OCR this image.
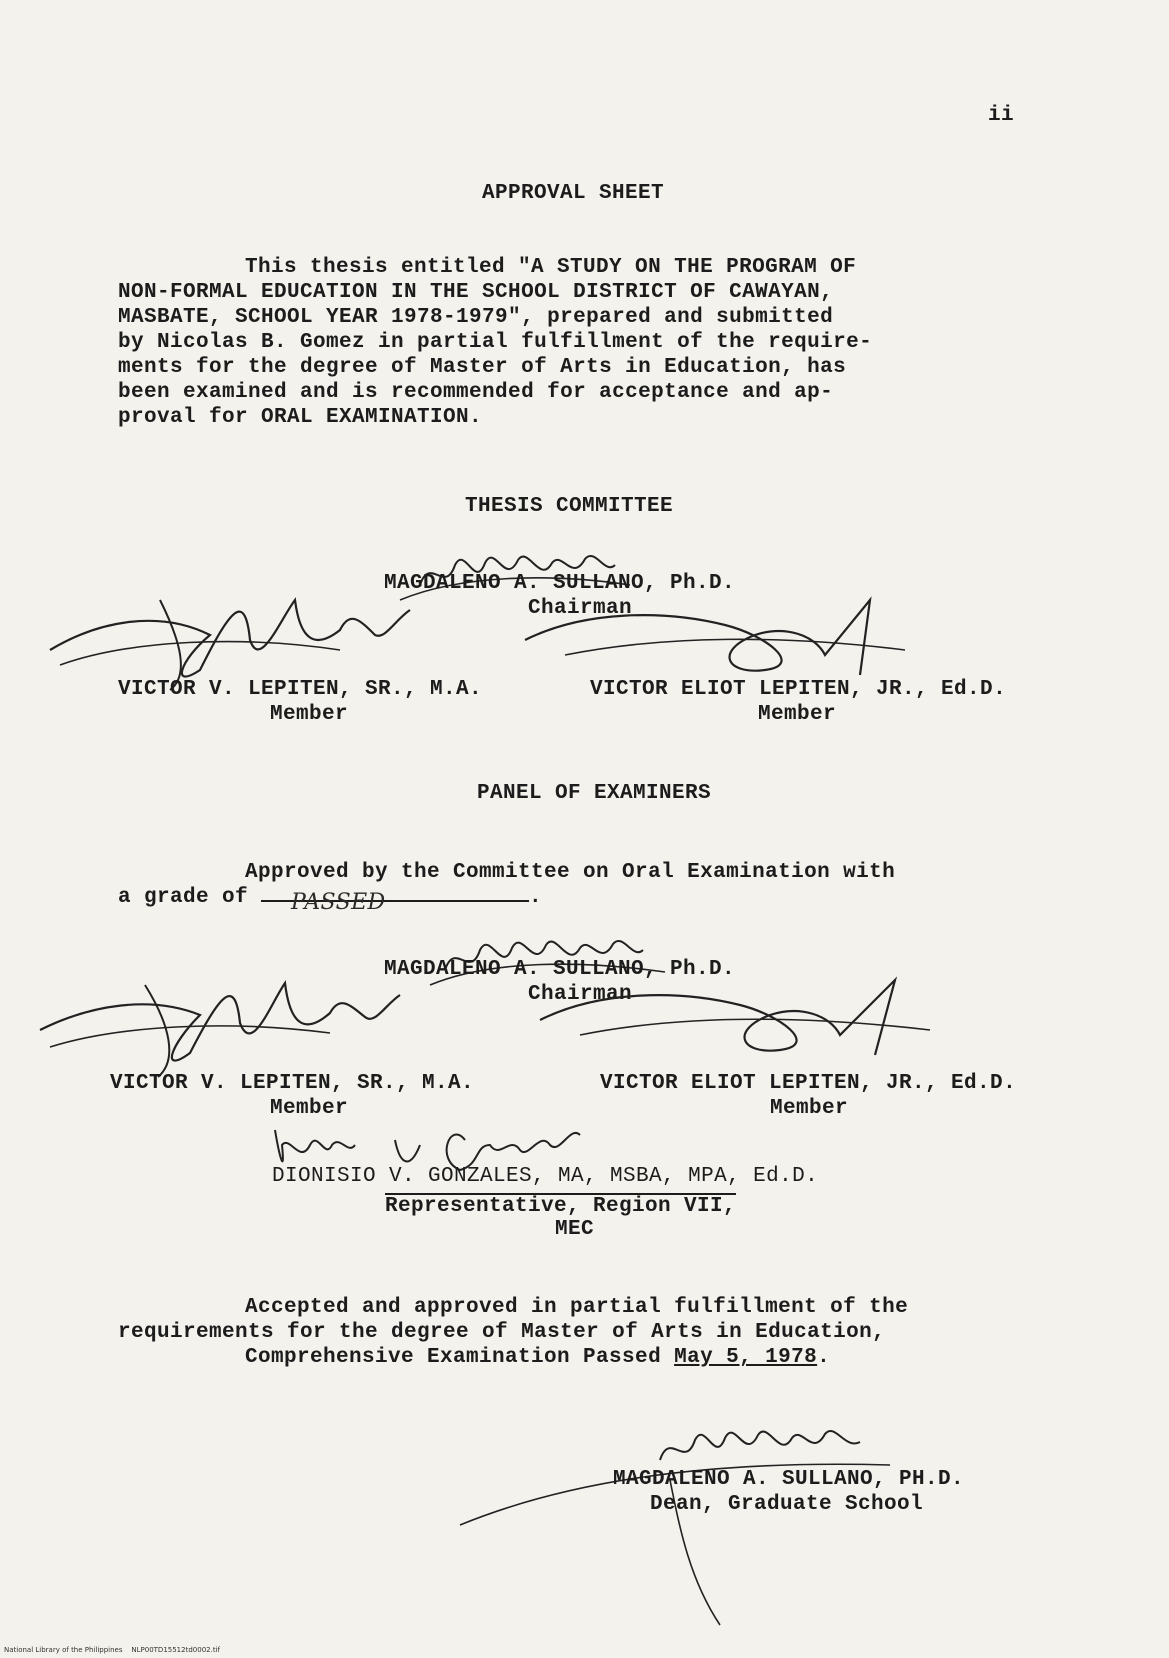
ii
APPROVAL SHEET
This thesis entitled "A STUDY ON THE PROGRAM OF
NON-FORMAL EDUCATION IN THE SCHOOL DISTRICT OF CAWAYAN,
MASBATE, SCHOOL YEAR 1978-1979", prepared and submitted
by Nicolas B. Gomez in partial fulfillment of the require-
ments for the degree of Master of Arts in Education, has
been examined and is recommended for acceptance and ap-
proval for ORAL EXAMINATION.
THESIS COMMITTEE
MAGDALENO A. SULLANO, Ph.D.
Chairman
VICTOR V. LEPITEN, SR., M.A.
Member
VICTOR ELIOT LEPITEN, JR., Ed.D.
Member
PANEL OF EXAMINERS
Approved by the Committee on Oral Examination with
a grade of PASSED	.
MAGDALENO A. SULLANO, Ph.D.
Chairman
VICTOR V. LEPITEN, SR., M.A.
Member
VICTOR ELIOT LEPITEN, JR., Ed.D.
Member
DIONISIO V. GONZALES, MA, MSBA, MPA, Ed.D.
Representative, Region VII,
MEC
Accepted and approved in partial fulfillment of the
requirements for the degree of Master of Arts in Education,
Comprehensive Examination Passed May 5, 1978.
MAGDALENO A. SULLANO, PH.D.
Dean, Graduate School
National Library of the Philippines    NLP00TD15512td0002.tif
